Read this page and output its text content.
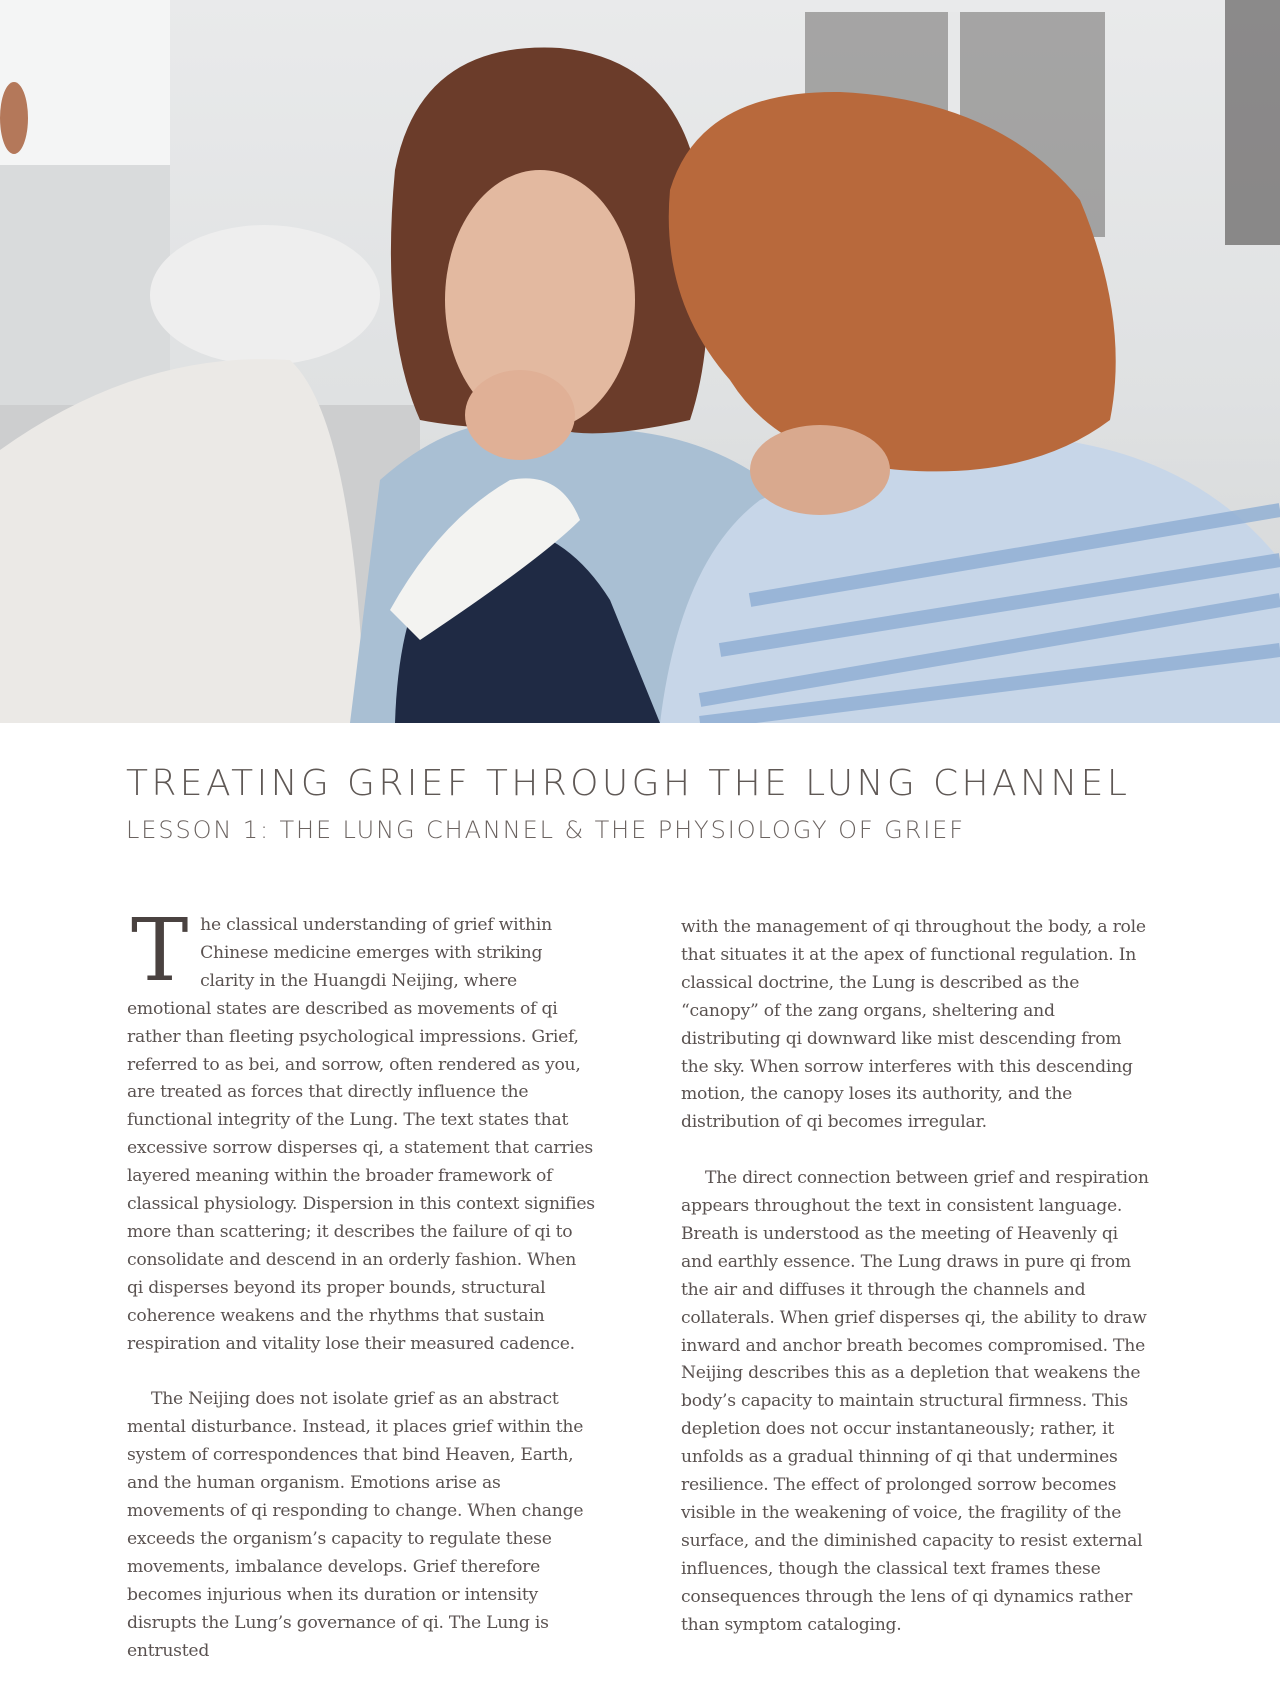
TREATING GRIEF THROUGH THE LUNG CHANNEL
LESSON 1: THE LUNG CHANNEL & THE PHYSIOLOGY OF GRIEF

The classical understanding of grief within Chinese medicine emerges with striking clarity in the Huangdi Neijing, where emotional states are described as movements of qi rather than fleeting psychological impressions. Grief, referred to as bei, and sorrow, often rendered as you, are treated as forces that directly influence the functional integrity of the Lung. The text states that excessive sorrow disperses qi, a statement that carries layered meaning within the broader framework of classical physiology. Dispersion in this context signifies more than scattering; it describes the failure of qi to consolidate and descend in an orderly fashion. When qi disperses beyond its proper bounds, structural coherence weakens and the rhythms that sustain respiration and vitality lose their measured cadence.

The Neijing does not isolate grief as an abstract mental disturbance. Instead, it places grief within the system of correspondences that bind Heaven, Earth, and the human organism. Emotions arise as movements of qi responding to change. When change exceeds the organism’s capacity to regulate these movements, imbalance develops. Grief therefore becomes injurious when its duration or intensity disrupts the Lung’s governance of qi. The Lung is entrusted

with the management of qi throughout the body, a role that situates it at the apex of functional regulation. In classical doctrine, the Lung is described as the “canopy” of the zang organs, sheltering and distributing qi downward like mist descending from the sky. When sorrow interferes with this descending motion, the canopy loses its authority, and the distribution of qi becomes irregular.

The direct connection between grief and respiration appears throughout the text in consistent language. Breath is understood as the meeting of Heavenly qi and earthly essence. The Lung draws in pure qi from the air and diffuses it through the channels and collaterals. When grief disperses qi, the ability to draw inward and anchor breath becomes compromised. The Neijing describes this as a depletion that weakens the body’s capacity to maintain structural firmness. This depletion does not occur instantaneously; rather, it unfolds as a gradual thinning of qi that undermines resilience. The effect of prolonged sorrow becomes visible in the weakening of voice, the fragility of the surface, and the diminished capacity to resist external influences, though the classical text frames these consequences through the lens of qi dynamics rather than symptom cataloging.
